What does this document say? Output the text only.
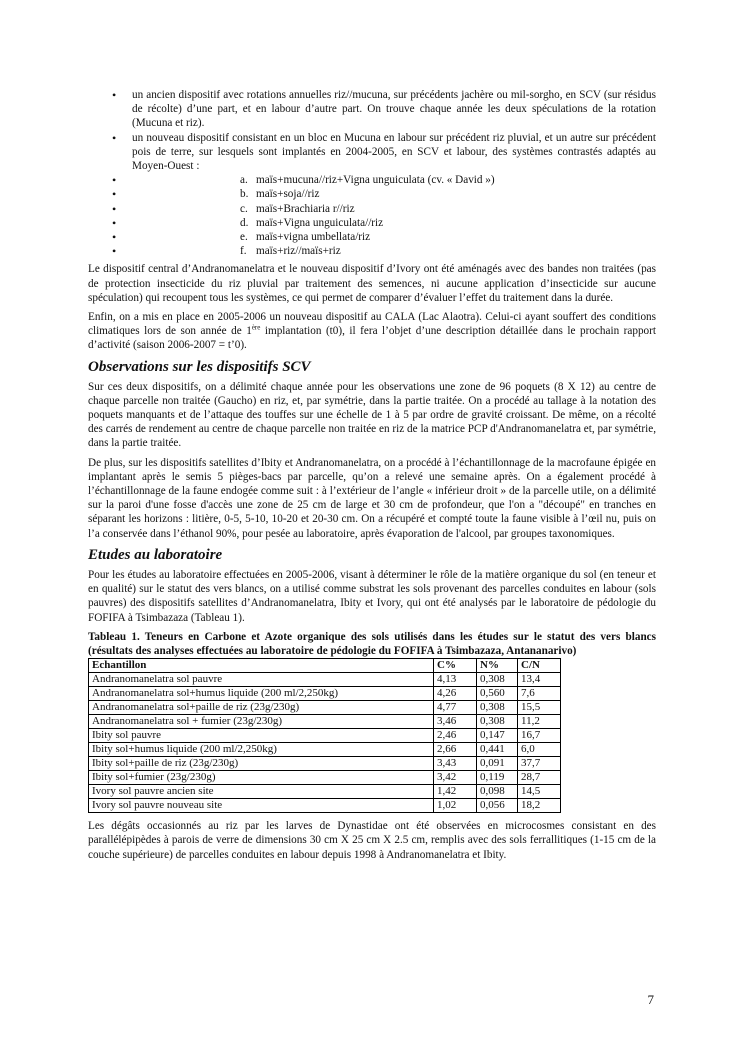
• un ancien dispositif avec rotations annuelles riz//mucuna, sur précédents jachère ou mil-sorgho, en SCV (sur résidus de récolte) d’une part, et en labour d’autre part. On trouve chaque année les deux spéculations de la rotation (Mucuna et riz).
• un nouveau dispositif consistant en un bloc en Mucuna en labour sur précédent riz pluvial, et un autre sur précédent pois de terre, sur lesquels sont implantés en 2004-2005, en SCV et labour, des systèmes contrastés adaptés au Moyen-Ouest :
• a. maïs+mucuna//riz+Vigna unguiculata (cv. « David »)
• b. maïs+soja//riz
• c. maïs+Brachiaria r//riz
• d. maïs+Vigna unguiculata//riz
• e. maïs+vigna umbellata/riz
• f. maïs+riz//maïs+riz

Le dispositif central d’Andranomanelatra et le nouveau dispositif d’Ivory ont été aménagés avec des bandes non traitées (pas de protection insecticide du riz pluvial par traitement des semences, ni aucune application d’insecticide sur aucune spéculation) qui recoupent tous les systèmes, ce qui permet de comparer d’évaluer l’effet du traitement dans la durée.

Enfin, on a mis en place en 2005-2006 un nouveau dispositif au CALA (Lac Alaotra). Celui-ci ayant souffert des conditions climatiques lors de son année de 1ère implantation (t0), il fera l’objet d’une description détaillée dans le prochain rapport d’activité (saison 2006-2007 = t’0).

Observations sur les dispositifs SCV

Sur ces deux dispositifs, on a délimité chaque année pour les observations une zone de 96 poquets (8 X 12) au centre de chaque parcelle non traitée (Gaucho) en riz, et, par symétrie, dans la partie traitée. On a procédé au tallage à la notation des poquets manquants et de l’attaque des touffes sur une échelle de 1 à 5 par ordre de gravité croissant. De même, on a récolté des carrés de rendement au centre de chaque parcelle non traitée en riz de la matrice PCP d'Andranomanelatra et, par symétrie, dans la partie traitée.

De plus, sur les dispositifs satellites d’Ibity et Andranomanelatra, on a procédé à l’échantillonnage de la macrofaune épigée en implantant après le semis 5 pièges-bacs par parcelle, qu’on a relevé une semaine après. On a également procédé à l’échantillonnage de la faune endogée comme suit : à l’extérieur de l’angle « inférieur droit » de la parcelle utile, on a délimité sur la paroi d'une fosse d'accès une zone de 25 cm de large et 30 cm de profondeur, que l'on a "découpé" en tranches en séparant les horizons : litière, 0-5, 5-10, 10-20 et 20-30 cm. On a récupéré et compté toute la faune visible à l’œil nu, puis on l’a conservée dans l’éthanol 90%, pour pesée au laboratoire, après évaporation de l'alcool, par groupes taxonomiques.

Etudes au laboratoire

Pour les études au laboratoire effectuées en 2005-2006, visant à déterminer le rôle de la matière organique du sol (en teneur et en qualité) sur le statut des vers blancs, on a utilisé comme substrat les sols provenant des parcelles conduites en labour (sols pauvres) des dispositifs satellites d’Andranomanelatra, Ibity et Ivory, qui ont été analysés par le laboratoire de pédologie du FOFIFA à Tsimbazaza (Tableau 1).

Tableau 1. Teneurs en Carbone et Azote organique des sols utilisés dans les études sur le statut des vers blancs (résultats des analyses effectuées au laboratoire de pédologie du FOFIFA à Tsimbazaza, Antananarivo)

Echantillon	C%	N%	C/N
Andranomanelatra sol pauvre	4,13	0,308	13,4
Andranomanelatra sol+humus liquide (200 ml/2,250kg)	4,26	0,560	7,6
Andranomanelatra sol+paille de riz (23g/230g)	4,77	0,308	15,5
Andranomanelatra sol + fumier (23g/230g)	3,46	0,308	11,2
Ibity sol pauvre	2,46	0,147	16,7
Ibity sol+humus liquide (200 ml/2,250kg)	2,66	0,441	6,0
Ibity sol+paille de riz (23g/230g)	3,43	0,091	37,7
Ibity sol+fumier (23g/230g)	3,42	0,119	28,7
Ivory sol pauvre ancien site	1,42	0,098	14,5
Ivory sol pauvre nouveau site	1,02	0,056	18,2

Les dégâts occasionnés au riz par les larves de Dynastidae ont été observées en microcosmes consistant en des parallélépipèdes à parois de verre de dimensions 30 cm X 25 cm X 2.5 cm, remplis avec des sols ferrallitiques (1-15 cm de la couche supérieure) de parcelles conduites en labour depuis 1998 à Andranomanelatra et Ibity.

7
